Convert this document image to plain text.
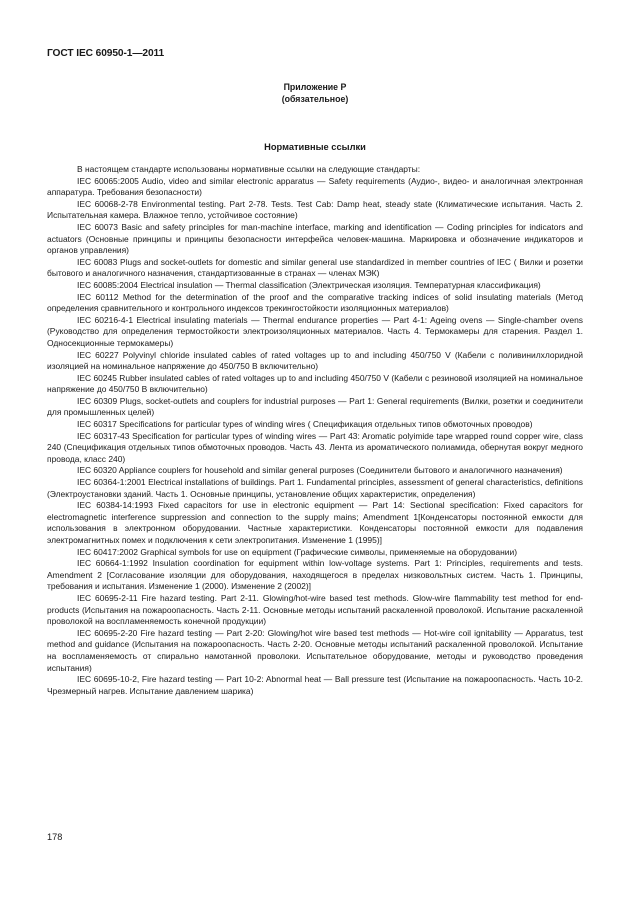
ГОСТ IEC 60950-1—2011
Приложение Р
(обязательное)
Нормативные ссылки

В настоящем стандарте использованы нормативные ссылки на следующие стандарты:

IEC 60065:2005 Audio, video and similar electronic apparatus — Safety requirements (Аудио-, видео- и аналогичная электронная аппаратура. Требования безопасности)

IEC 60068-2-78 Environmental testing. Part 2-78. Tests. Test Cab: Damp heat, steady state (Климатические испытания. Часть 2. Испытательная камера. Влажное тепло, устойчивое состояние)

IEC 60073 Basic and safety principles for man-machine interface, marking and identification — Coding principles for indicators and actuators (Основные принципы и принципы безопасности интерфейса человек-машина. Маркировка и обозначение индикаторов и органов управления)

IEC 60083 Plugs and socket-outlets for domestic and similar general use standardized in member countries of IEC ( Вилки и розетки бытового и аналогичного назначения, стандартизованные в странах — членах МЭК)

IEC 60085:2004 Electrical insulation — Thermal classification (Электрическая изоляция. Температурная классификация)

IEC 60112 Method for the determination of the proof and the comparative tracking indices of solid insulating materials (Метод определения сравнительного и контрольного индексов трекингостойкости изоляционных материалов)

IEC 60216-4-1 Electrical insulating materials — Thermal endurance properties — Part 4-1: Ageing ovens — Single-chamber ovens (Руководство для определения термостойкости электроизоляционных материалов. Часть 4. Термокамеры для старения. Раздел 1. Односекционные термокамеры)

IEC 60227 Polyvinyl chloride insulated cables of rated voltages up to and including 450/750 V (Кабели с поливинилхлоридной изоляцией на номинальное напряжение до 450/750 В включительно)

IEC 60245 Rubber insulated cables of rated voltages up to and including 450/750 V (Кабели с резиновой изоляцией на номинальное напряжение до 450/750 В включительно)

IEC 60309 Plugs, socket-outlets and couplers for industrial purposes — Part 1: General requirements (Вилки, розетки и соединители для промышленных целей)

IEC 60317 Specifications for particular types of winding wires ( Спецификация отдельных типов обмоточных проводов)

IEC 60317-43 Specification for particular types of winding wires — Part 43: Aromatic polyimide tape wrapped round copper wire, class 240 (Спецификация отдельных типов обмоточных проводов. Часть 43. Лента из ароматического полиамида, обернутая вокруг медного провода, класс 240)

IEC 60320 Appliance couplers for household and similar general purposes (Соединители бытового и аналогичного назначения)

IEC 60364-1:2001 Electrical installations of buildings. Part 1. Fundamental principles, assessment of general characteristics, definitions (Электроустановки зданий. Часть 1. Основные принципы, установление общих характеристик, определения)

IEC 60384-14:1993 Fixed capacitors for use in electronic equipment — Part 14: Sectional specification: Fixed capacitors for electromagnetic interference suppression and connection to the supply mains; Amendment 1[Конденсаторы постоянной емкости для использования в электронном оборудовании. Частные характеристики. Конденсаторы постоянной емкости для подавления электромагнитных помех и подключения к сети электропитания. Изменение 1 (1995)]

IEC 60417:2002 Graphical symbols for use on equipment (Графические символы, применяемые на оборудовании)

IEC 60664-1:1992 Insulation coordination for equipment within low-voltage systems. Part 1: Principles, requirements and tests. Amendment 2 [Согласование изоляции для оборудования, находящегося в пределах низковольтных систем. Часть 1. Принципы, требования и испытания. Изменение 1 (2000). Изменение 2 (2002)]

IEC 60695-2-11 Fire hazard testing. Part 2-11. Glowing/hot-wire based test methods. Glow-wire flammability test method for end-products (Испытания на пожароопасность. Часть 2-11. Основные методы испытаний раскаленной проволокой. Испытание раскаленной проволокой на воспламеняемость конечной продукции)

IEC 60695-2-20 Fire hazard testing — Part 2-20: Glowing/hot wire based test methods — Hot-wire coil ignitability — Apparatus, test method and guidance (Испытания на пожароопасность. Часть 2-20. Основные методы испытаний раскаленной проволокой. Испытание на воспламеняемость от спирально намотанной проволоки. Испытательное оборудование, методы и руководство проведения испытания)

IEC 60695-10-2, Fire hazard testing — Part 10-2: Abnormal heat — Ball pressure test (Испытание на пожароопасность. Часть 10-2. Чрезмерный нагрев. Испытание давлением шарика)

178
